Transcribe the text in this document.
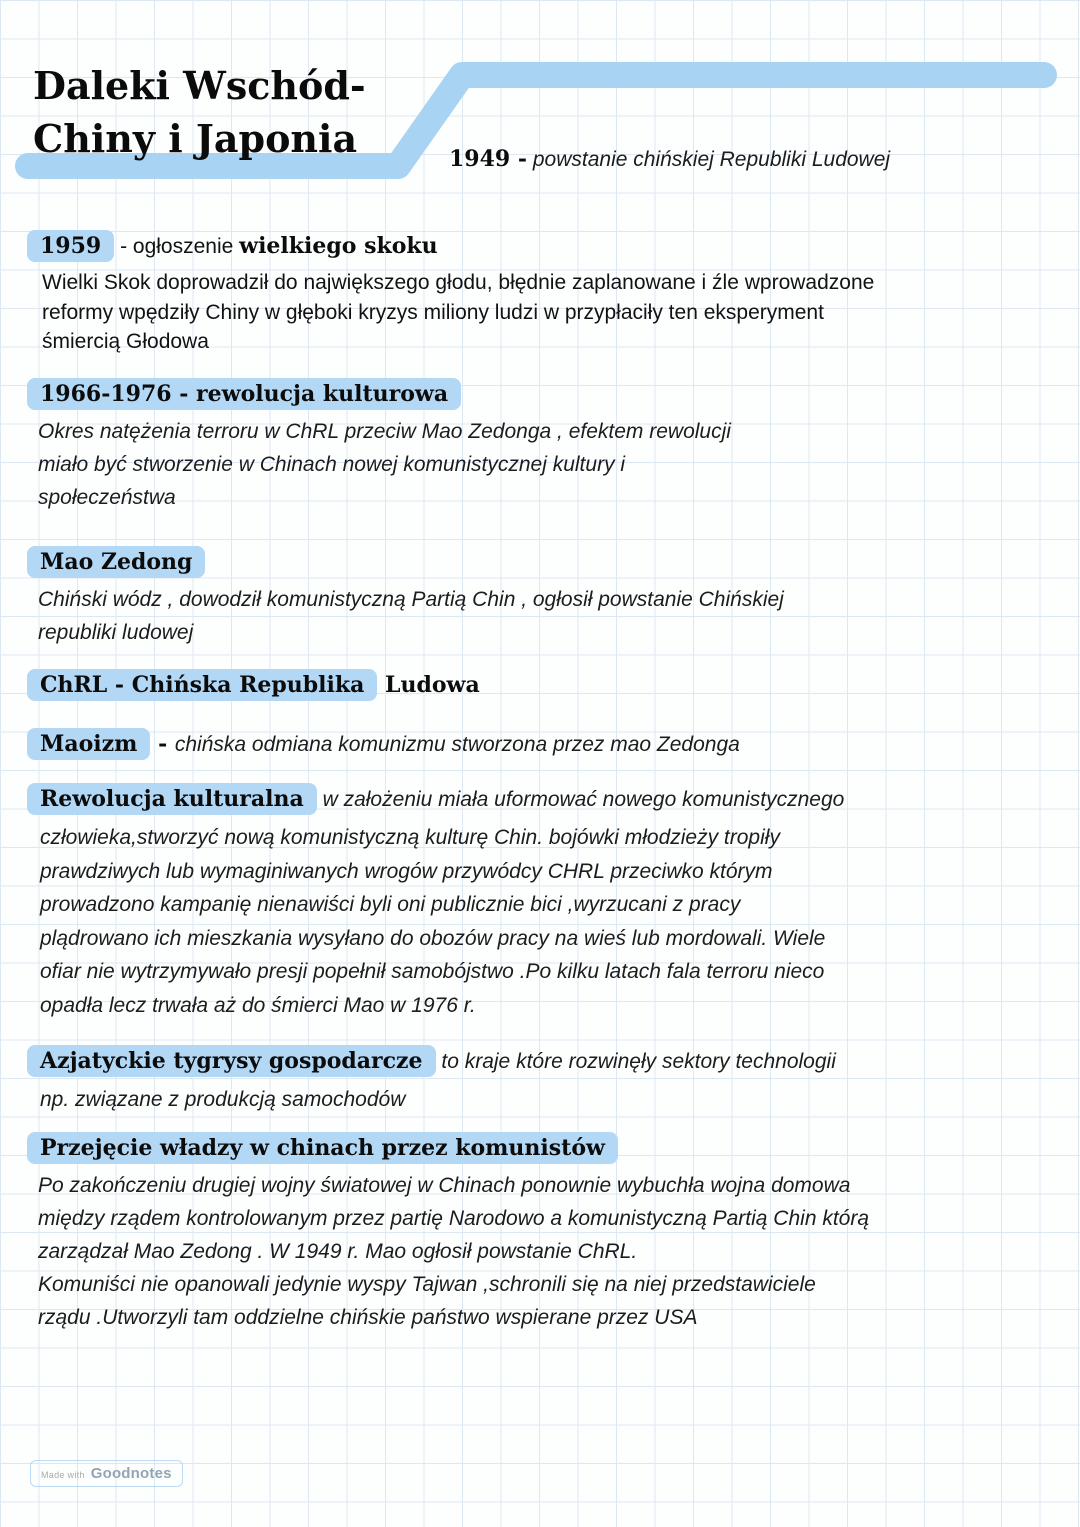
Daleki Wschód-
Chiny i Japonia	1949 - powstanie chińskiej Republiki Ludowej
1959 - ogłoszenie wielkiego skoku
Wielki Skok doprowadził do największego głodu, błędnie zaplanowane i źle wprowadzone
reformy wpędziły Chiny w głęboki kryzys miliony ludzi w przypłaciły ten eksperyment
śmiercią Głodowa
1966-1976 - rewolucja kulturowa
Okres natężenia terroru w ChRL przeciw Mao Zedonga , efektem rewolucji
miało być stworzenie w Chinach nowej komunistycznej kultury i
społeczeństwa
Mao Zedong
Chiński wódz , dowodził komunistyczną Partią Chin , ogłosił powstanie Chińskiej
republiki ludowej
ChRL - Chińska Republika Ludowa
Maoizm - chińska odmiana komunizmu stworzona przez mao Zedonga
Rewolucja kulturalna w założeniu miała uformować nowego komunistycznego
człowieka,stworzyć nową komunistyczną kulturę Chin. bojówki młodzieży tropiły
prawdziwych lub wymaginiwanych wrogów przywódcy CHRL przeciwko którym
prowadzono kampanię nienawiści byli oni publicznie bici ,wyrzucani z pracy
plądrowano ich mieszkania wysyłano do obozów pracy na wieś lub mordowali. Wiele
ofiar nie wytrzymywało presji popełnił samobójstwo .Po kilku latach fala terroru nieco
opadła lecz trwała aż do śmierci Mao w 1976 r.
Azjatyckie tygrysy gospodarcze to kraje które rozwinęły sektory technologii
np. związane z produkcją samochodów
Przejęcie władzy w chinach przez komunistów
Po zakończeniu drugiej wojny światowej w Chinach ponownie wybuchła wojna domowa
między rządem kontrolowanym przez partię Narodowo a komunistyczną Partią Chin którą
zarządzał Mao Zedong . W 1949 r. Mao ogłosił powstanie ChRL.
Komuniści nie opanowali jedynie wyspy Tajwan ,schronili się na niej przedstawiciele
rządu .Utworzyli tam oddzielne chińskie państwo wspierane przez USA
Made with Goodnotes
